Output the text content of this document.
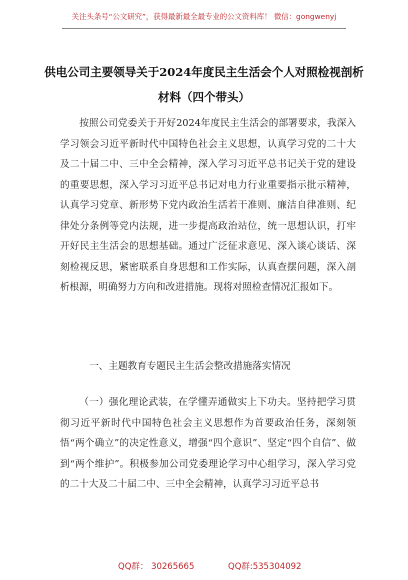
关注头条号“公文研究”，获得最新最全最专业的公文资料库！ 微信：gongwenyj
供电公司主要领导关于2024年度民主生活会个人对照检视剖析材料（四个带头）

按照公司党委关于开好2024年度民主生活会的部署要求，我深入学习领会习近平新时代中国特色社会主义思想，认真学习党的二十大及二十届二中、三中全会精神，深入学习习近平总书记关于党的建设的重要思想，深入学习习近平总书记对电力行业重要指示批示精神，认真学习党章、新形势下党内政治生活若干准则、廉洁自律准则、纪律处分条例等党内法规，进一步提高政治站位，统一思想认识，打牢开好民主生活会的思想基础。通过广泛征求意见、深入谈心谈话、深刻检视反思，紧密联系自身思想和工作实际，认真查摆问题，深入剖析根源，明确努力方向和改进措施。现将对照检查情况汇报如下。

一、主题教育专题民主生活会整改措施落实情况

（一）强化理论武装，在学懂弄通做实上下功夫。坚持把学习贯彻习近平新时代中国特色社会主义思想作为首要政治任务，深刻领悟“两个确立”的决定性意义，增强“四个意识”、坚定“四个自信”、做到“两个维护”。积极参加公司党委理论学习中心组学习，深入学习党的二十大及二十届二中、三中全会精神，认真学习习近平总书

QQ群： 30265665	QQ群:535304092
